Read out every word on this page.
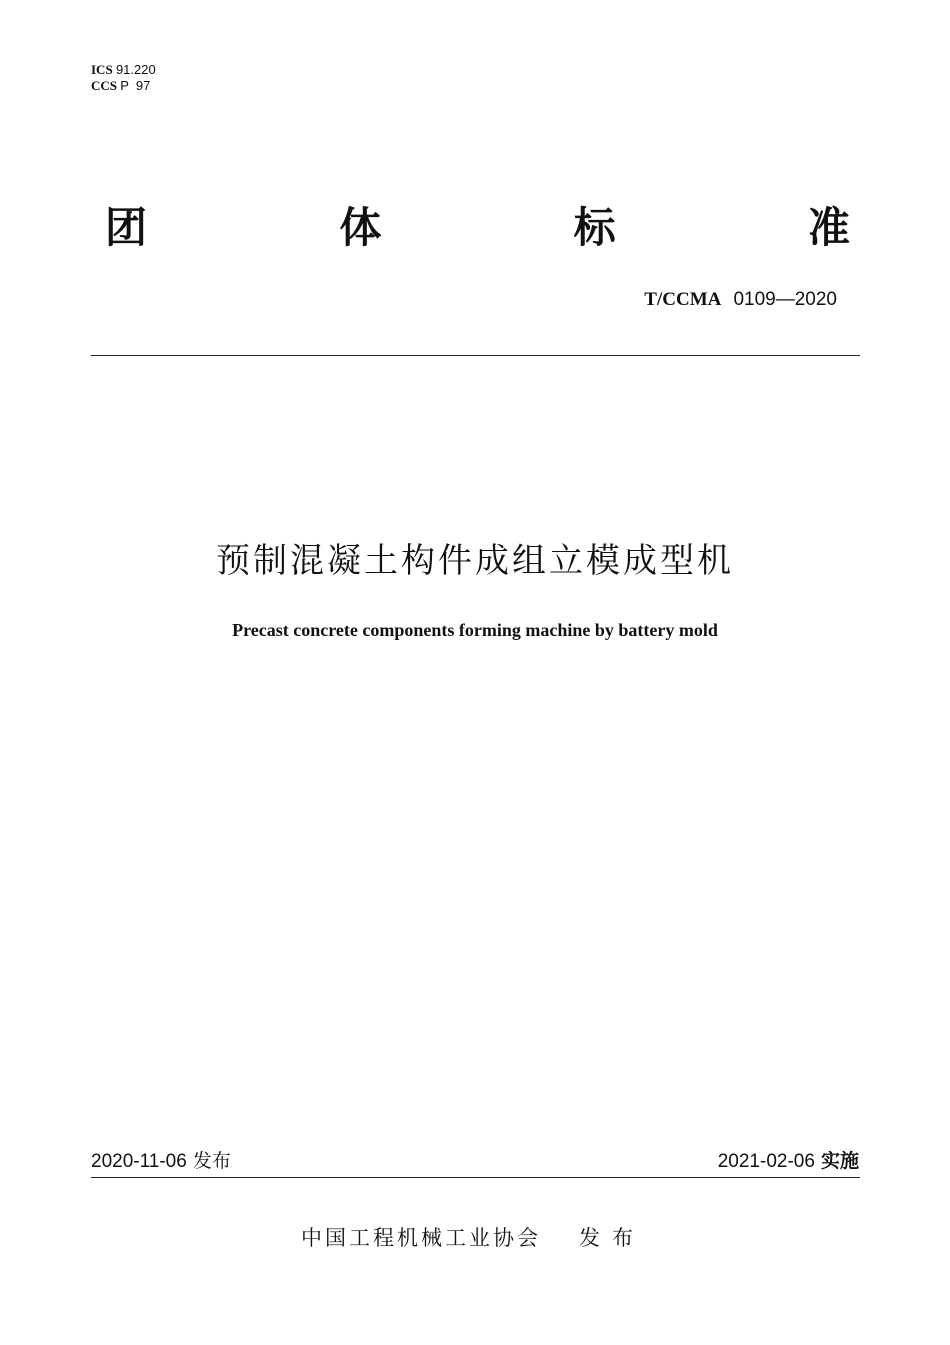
ICS 91.220
CCS P  97
团	体	标	准
T/CCMA 0109—2020
预制混凝土构件成组立模成型机
Precast concrete components forming machine by battery mold
2020-11-06 发布	2021-02-06 实施
中国工程机械工业协会 发布
